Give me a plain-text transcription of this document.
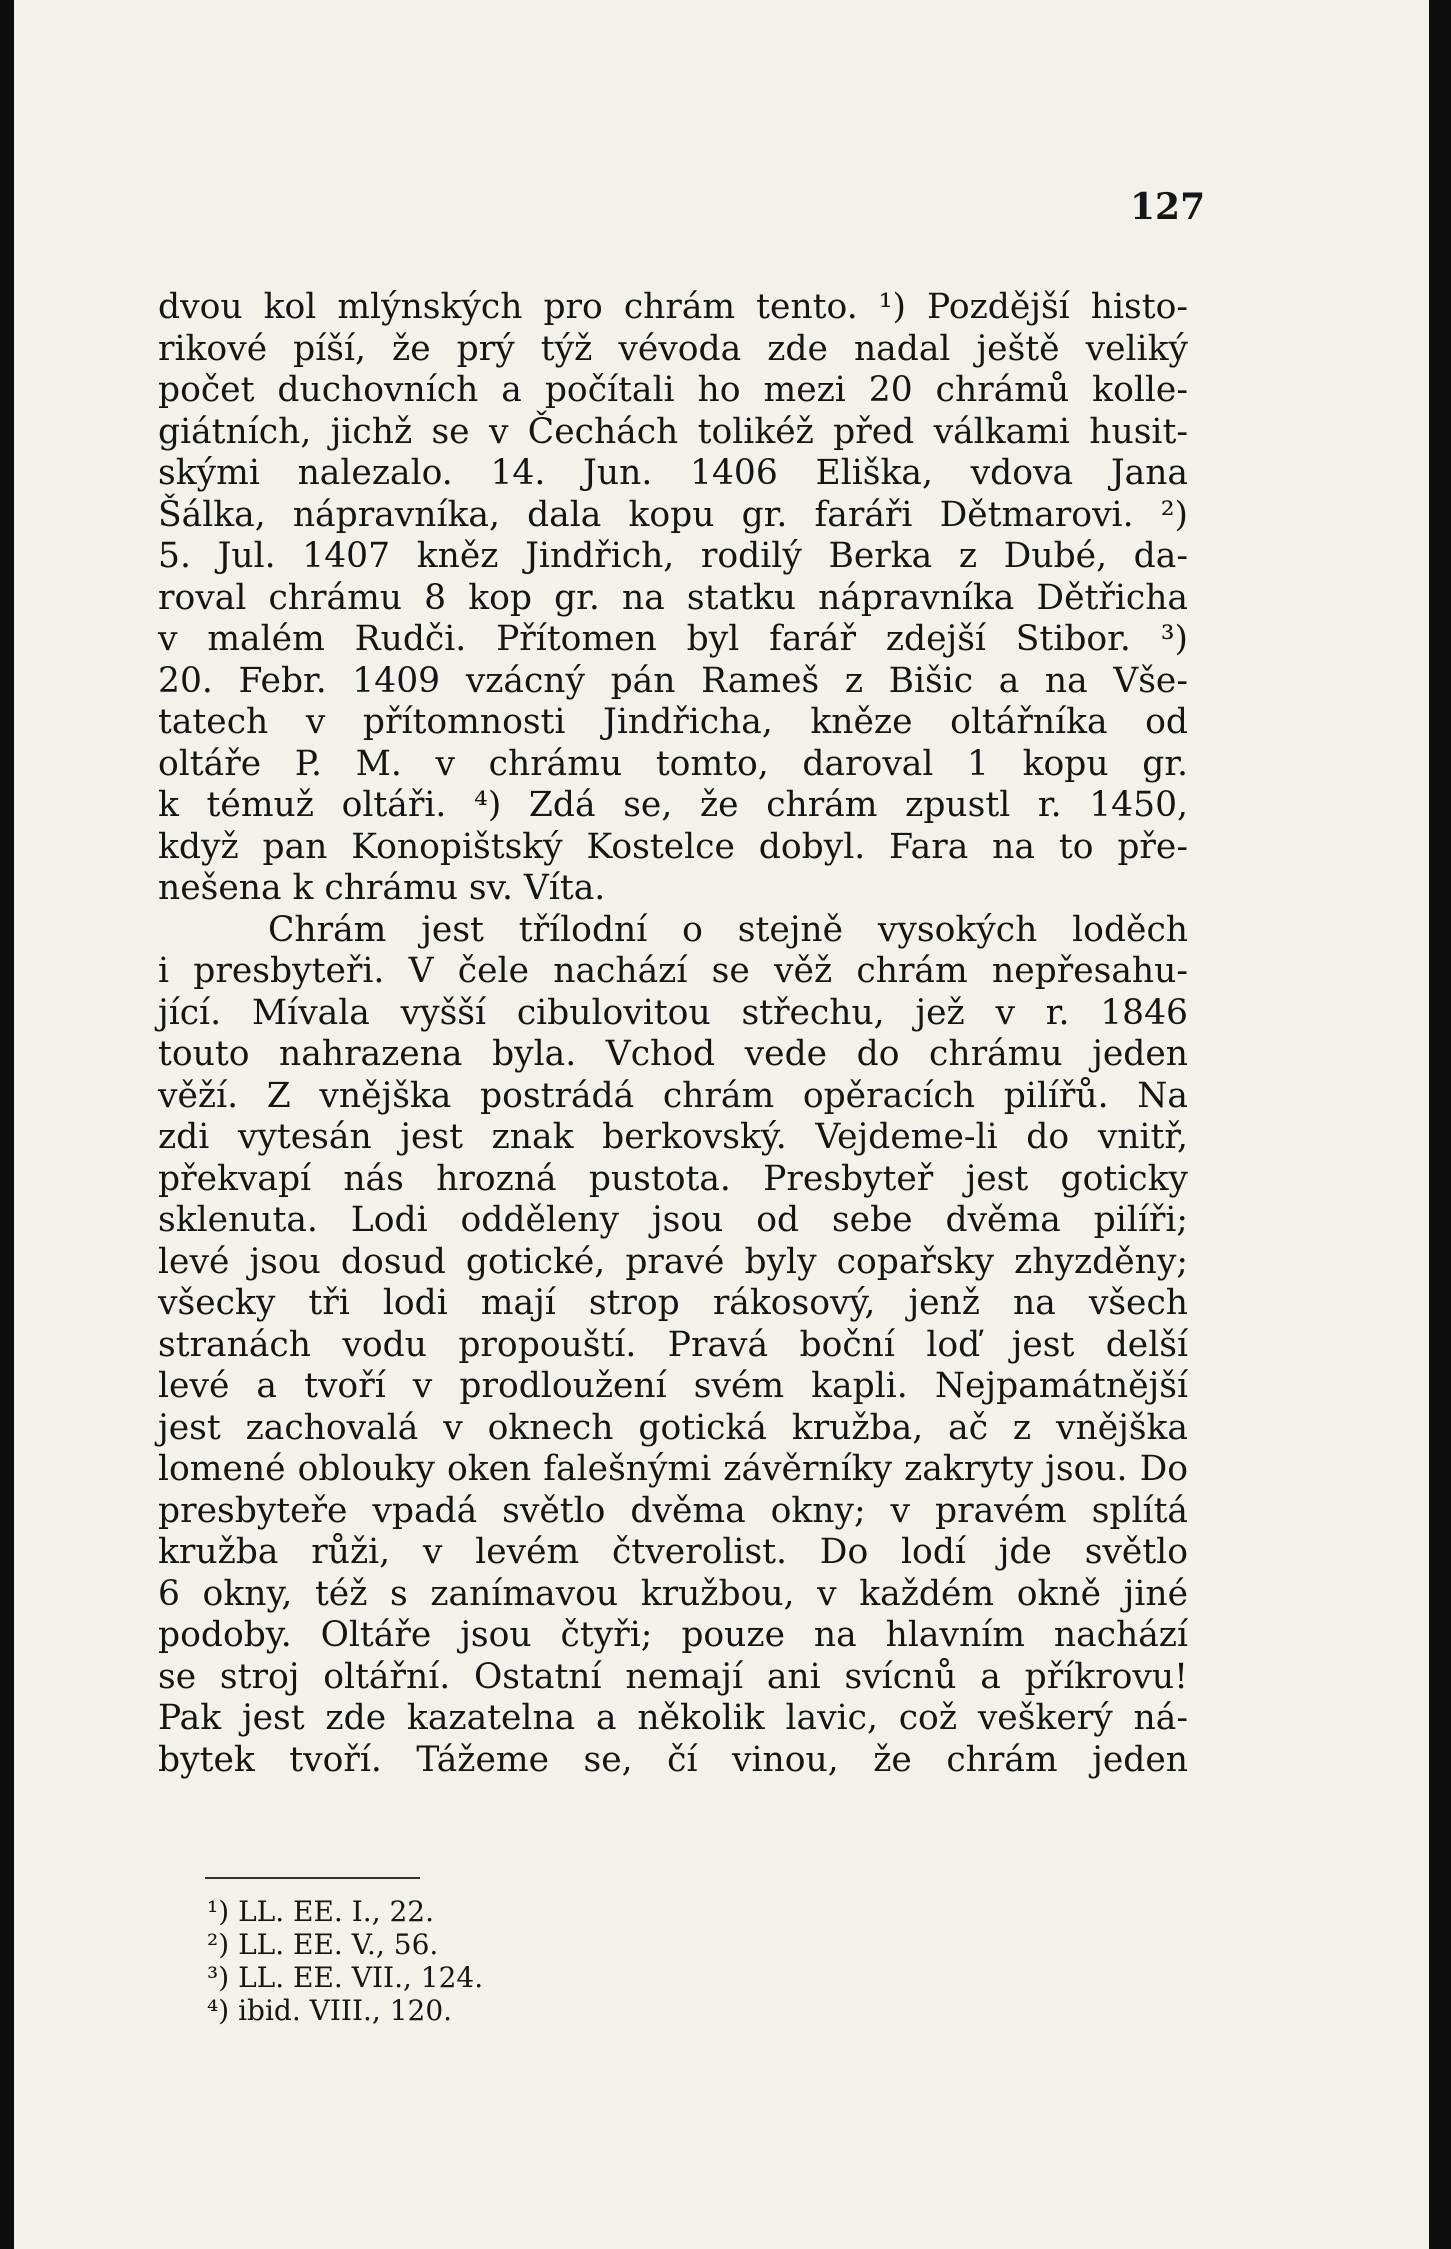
127
dvou kol mlýnských pro chrám tento. ¹) Pozdější histo-
rikové píší, že prý týž vévoda zde nadal ještě veliký
počet duchovních a počítali ho mezi 20 chrámů kolle-
giátních, jichž se v Čechách tolikéž před válkami husit-
skými nalezalo. 14. Jun. 1406 Eliška, vdova Jana
Šálka, nápravníka, dala kopu gr. faráři Dětmarovi. ²)
5. Jul. 1407 kněz Jindřich, rodilý Berka z Dubé, da-
roval chrámu 8 kop gr. na statku nápravníka Dětřicha
v malém Rudči. Přítomen byl farář zdejší Stibor. ³)
20. Febr. 1409 vzácný pán Rameš z Bišic a na Vše-
tatech v přítomnosti Jindřicha, kněze oltářníka od
oltáře P. M. v chrámu tomto, daroval 1 kopu gr.
k témuž oltáři. ⁴) Zdá se, že chrám zpustl r. 1450,
když pan Konopištský Kostelce dobyl. Fara na to pře-
nešena k chrámu sv. Víta.
Chrám jest třílodní o stejně vysokých loděch
i presbyteři. V čele nachází se věž chrám nepřesahu-
jící. Mívala vyšší cibulovitou střechu, jež v r. 1846
touto nahrazena byla. Vchod vede do chrámu jeden
věží. Z vnějška postrádá chrám opěracích pilířů. Na
zdi vytesán jest znak berkovský. Vejdeme-li do vnitř,
překvapí nás hrozná pustota. Presbyteř jest goticky
sklenuta. Lodi odděleny jsou od sebe dvěma pilíři;
levé jsou dosud gotické, pravé byly copařsky zhyzděny;
všecky tři lodi mají strop rákosový, jenž na všech
stranách vodu propouští. Pravá boční loď jest delší
levé a tvoří v prodloužení svém kapli. Nejpamátnější
jest zachovalá v oknech gotická kružba, ač z vnějška
lomené oblouky oken falešnými závěrníky zakryty jsou. Do
presbyteře vpadá světlo dvěma okny; v pravém splítá
kružba růži, v levém čtverolist. Do lodí jde světlo
6 okny, též s zanímavou kružbou, v každém okně jiné
podoby. Oltáře jsou čtyři; pouze na hlavním nachází
se stroj oltářní. Ostatní nemají ani svícnů a příkrovu!
Pak jest zde kazatelna a několik lavic, což veškerý ná-
bytek tvoří. Tážeme se, čí vinou, že chrám jeden
¹) LL. EE. I., 22.
²) LL. EE. V., 56.
³) LL. EE. VII., 124.
⁴) ibid. VIII., 120.
